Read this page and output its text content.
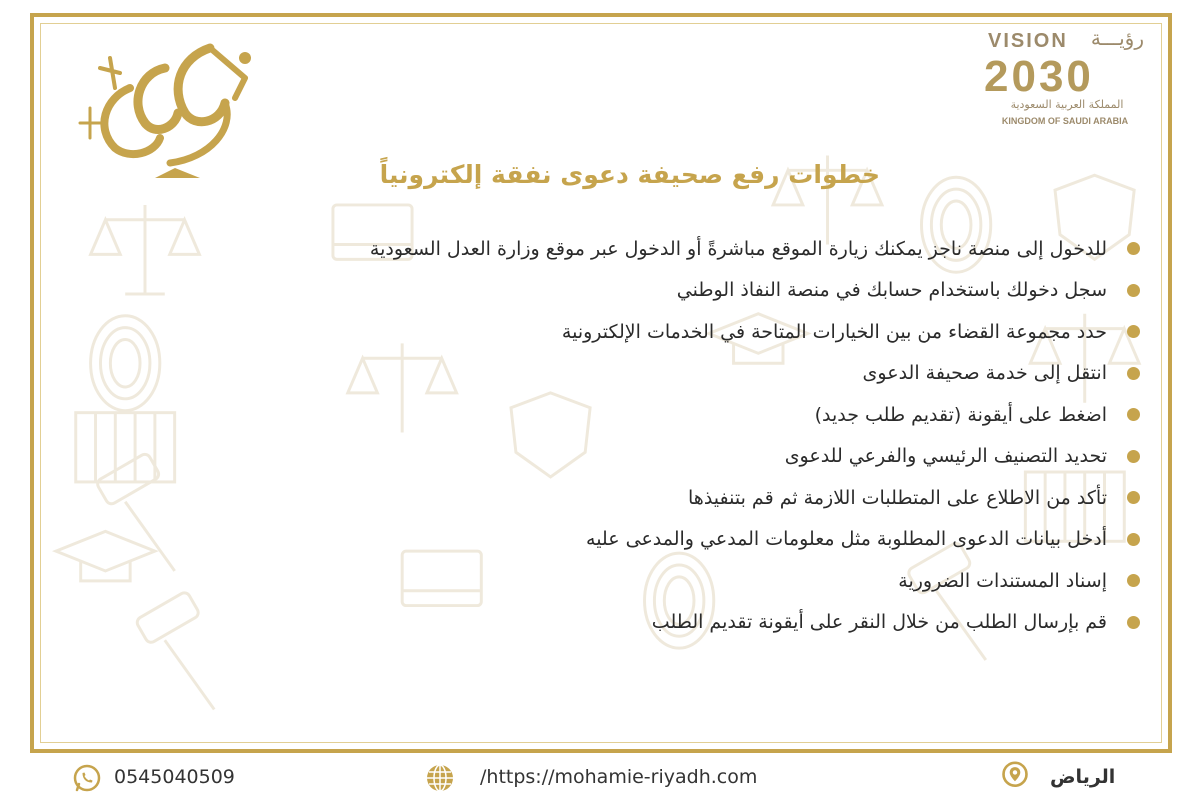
VISION رؤيـــة
2030
المملكة العربية السعودية
KINGDOM OF SAUDI ARABIA
خطوات رفع صحيفة دعوى نفقة إلكترونياً
للدخول إلى منصة ناجز يمكنك زيارة الموقع مباشرةً أو الدخول عبر موقع وزارة العدل السعودية
سجل دخولك باستخدام حسابك في منصة النفاذ الوطني
حدد مجموعة القضاء من بين الخيارات المتاحة في الخدمات الإلكترونية
انتقل إلى خدمة صحيفة الدعوى
اضغط على أيقونة (تقديم طلب جديد)
تحديد التصنيف الرئيسي والفرعي للدعوى
تأكد من الاطلاع على المتطلبات اللازمة ثم قم بتنفيذها
أدخل بيانات الدعوى المطلوبة مثل معلومات المدعي والمدعى عليه
إسناد المستندات الضرورية
قم بإرسال الطلب من خلال النقر على أيقونة تقديم الطلب
0545040509	/https://mohamie-riyadh.com	الرياض
